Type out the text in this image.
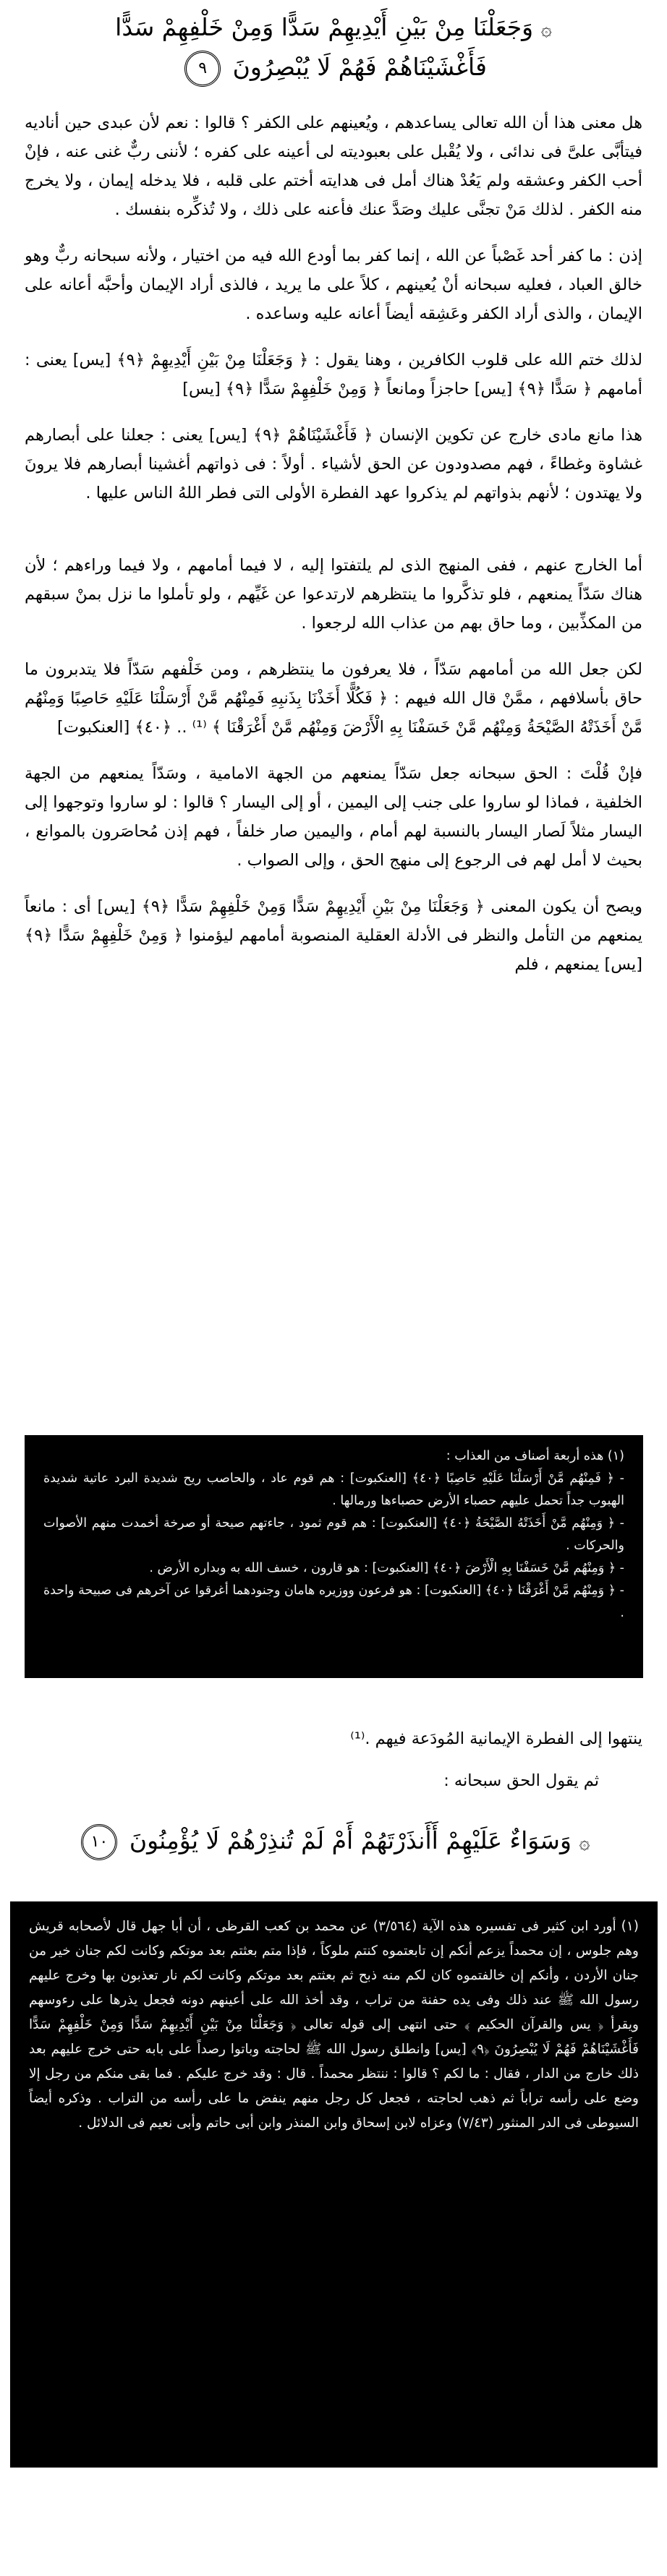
۞ وَجَعَلْنَا مِنْ بَيْنِ أَيْدِيهِمْ سَدًّا وَمِنْ خَلْفِهِمْ سَدًّا
فَأَغْشَيْنَاهُمْ فَهُمْ لَا يُبْصِرُونَ ٩

هل معنى هذا أن الله تعالى يساعدهم ، ويُعينهم على الكفر ؟ قالوا : نعم لأن عبدى حين أناديه فيتأبَّى علىَّ فى ندائى ، ولا يُقْبل على بعبوديته لى أعينه على كفره ؛ لأننى ربٌّ غنى عنه ، فإنْ أحب الكفر وعشقه ولم يَعُدْ هناك أمل فى هدايته أختم على قلبه ، فلا يدخله إيمان ، ولا يخرج منه الكفر . لذلك مَنْ تجنَّى عليك وصَدَّ عنك فأعنه على ذلك ، ولا تُذكِّره بنفسك .

إذن : ما كفر أحد غَصْباً عن الله ، إنما كفر بما أودع الله فيه من اختيار ، ولأنه سبحانه ربٌّ وهو خالق العباد ، فعليه سبحانه أنْ يُعينهم ، كلاً على ما يريد ، فالذى أراد الإيمان وأحبَّه أعانه على الإيمان ، والذى أراد الكفر وعَشِقه أيضاً أعانه عليه وساعده .

لذلك ختم الله على قلوب الكافرين ، وهنا يقول : ﴿ وَجَعَلْنَا مِنْ بَيْنِ أَيْدِيهِمْ ﴿٩﴾ [يس] يعنى : أمامهم ﴿ سَدًّا ﴿٩﴾ [يس] حاجزاً ومانعاً ﴿ وَمِنْ خَلْفِهِمْ سَدًّا ﴿٩﴾ [يس]

هذا مانع مادى خارج عن تكوين الإنسان ﴿ فَأَغْشَيْنَاهُمْ ﴿٩﴾ [يس] يعنى : جعلنا على أبصارهم غشاوة وغطاءً ، فهم مصدودون عن الحق لأشياء . أولاً : فى ذواتهم أغشينا أبصارهم فلا يرونَ ولا يهتدون ؛ لأنهم بذواتهم لم يذكروا عهد الفطرة الأولى التى فطر اللهُ الناس عليها .

أما الخارج عنهم ، ففى المنهج الذى لم يلتفتوا إليه ، لا فيما أمامهم ، ولا فيما وراءهم ؛ لأن هناك سَدّاً يمنعهم ، فلو تذكَّروا ما ينتظرهم لارتدعوا عن غَيِّهم ، ولو تأملوا ما نزل بمنْ سبقهم من المكذِّبين ، وما حاق بهم من عذاب الله لرجعوا .

لكن جعل الله من أمامهم سَدّاً ، فلا يعرفون ما ينتظرهم ، ومن خَلْفهم سَدّاً فلا يتدبرون ما حاق بأسلافهم ، ممَّنْ قال الله فيهم : ﴿ فَكُلًّا أَخَذْنَا بِذَنبِهِ فَمِنْهُم مَّنْ أَرْسَلْنَا عَلَيْهِ حَاصِبًا وَمِنْهُم مَّنْ أَخَذَتْهُ الصَّيْحَةُ وَمِنْهُم مَّنْ خَسَفْنَا بِهِ الْأَرْضَ وَمِنْهُم مَّنْ أَغْرَقْنَا ﴾ ⁽¹⁾ .. ﴿٤٠﴾ [العنكبوت]

فإنْ قُلْتَ : الحق سبحانه جعل سَدّاً يمنعهم من الجهة الامامية ، وسَدّاً يمنعهم من الجهة الخلفية ، فماذا لو ساروا على جنب إلى اليمين ، أو إلى اليسار ؟ قالوا : لو ساروا وتوجهوا إلى اليسار مثلاً لَصار اليسار بالنسبة لهم أمام ، واليمين صار خلفاً ، فهم إذن مُحاصَرون بالموانع ، بحيث لا أمل لهم فى الرجوع إلى منهج الحق ، وإلى الصواب .

ويصح أن يكون المعنى ﴿ وَجَعَلْنَا مِنْ بَيْنِ أَيْدِيهِمْ سَدًّا وَمِنْ خَلْفِهِمْ سَدًّا ﴿٩﴾ [يس] أى : مانعاً يمنعهم من التأمل والنظر فى الأدلة العقلية المنصوبة أمامهم ليؤمنوا ﴿ وَمِنْ خَلْفِهِمْ سَدًّا ﴿٩﴾ [يس] يمنعهم ، فلم

(١) هذه أربعة أصناف من العذاب :

- ﴿ فَمِنْهُم مَّنْ أَرْسَلْنَا عَلَيْهِ حَاصِبًا ﴿٤٠﴾ [العنكبوت] : هم قوم عاد ، والحاصب ريح شديدة البرد عاتية شديدة الهبوب جداً تحمل عليهم حصباء الأرض حصباءها ورمالها .

- ﴿ وَمِنْهُم مَّنْ أَخَذَتْهُ الصَّيْحَةُ ﴿٤٠﴾ [العنكبوت] : هم قوم ثمود ، جاءتهم صيحة أو صرخة أخمدت منهم الأصوات والحركات .

- ﴿ وَمِنْهُم مَّنْ خَسَفْنَا بِهِ الْأَرْضَ ﴿٤٠﴾ [العنكبوت] : هو قارون ، خسف الله به وبداره الأرض .

- ﴿ وَمِنْهُم مَّنْ أَغْرَقْنَا ﴿٤٠﴾ [العنكبوت] : هو فرعون ووزيره هامان وجنودهما أغرقوا عن آخرهم فى صبيحة واحدة .

ينتهوا إلى الفطرة الإيمانية المُودَعة فيهم .⁽¹⁾

ثم يقول الحق سبحانه :

۞ وَسَوَاءٌ عَلَيْهِمْ أَأَنذَرْتَهُمْ أَمْ لَمْ تُنذِرْهُمْ لَا يُؤْمِنُونَ ١٠

(١) أورد ابن كثير فى تفسيره هذه الآية (٣/٥٦٤) عن محمد بن كعب القرظى ، أن أبا جهل قال لأصحابه قريش وهم جلوس ، إن محمداً يزعم أنكم إن تابعتموه كنتم ملوكاً ، فإذا متم بعثتم بعد موتكم وكانت لكم جنان خير من جنان الأردن ، وأنكم إن خالفتموه كان لكم منه ذبح ثم بعثتم بعد موتكم وكانت لكم نار تعذبون بها وخرج عليهم رسول الله ﷺ عند ذلك وفى يده حفنة من تراب ، وقد أخذ الله على أعينهم دونه فجعل يذرها على رءوسهم ويقرأ ﴿ يس والقرآن الحكيم ﴾ حتى انتهى إلى قوله تعالى ﴿ وَجَعَلْنَا مِنْ بَيْنِ أَيْدِيهِمْ سَدًّا وَمِنْ خَلْفِهِمْ سَدًّا فَأَغْشَيْنَاهُمْ فَهُمْ لَا يُبْصِرُونَ ﴿٩﴾ [يس] وانطلق رسول الله ﷺ لحاجته وباتوا رصداً على بابه حتى خرج عليهم بعد ذلك خارج من الدار ، فقال : ما لكم ؟ قالوا : ننتظر محمداً . قال : وقد خرج عليكم . فما بقى منكم من رجل إلا وضع على رأسه تراباً ثم ذهب لحاجته ، فجعل كل رجل منهم ينفض ما على رأسه من التراب . وذكره أيضاً السيوطى فى الدر المنثور (٧/٤٣) وعزاه لابن إسحاق وابن المنذر وابن أبى حاتم وأبى نعيم فى الدلائل .
